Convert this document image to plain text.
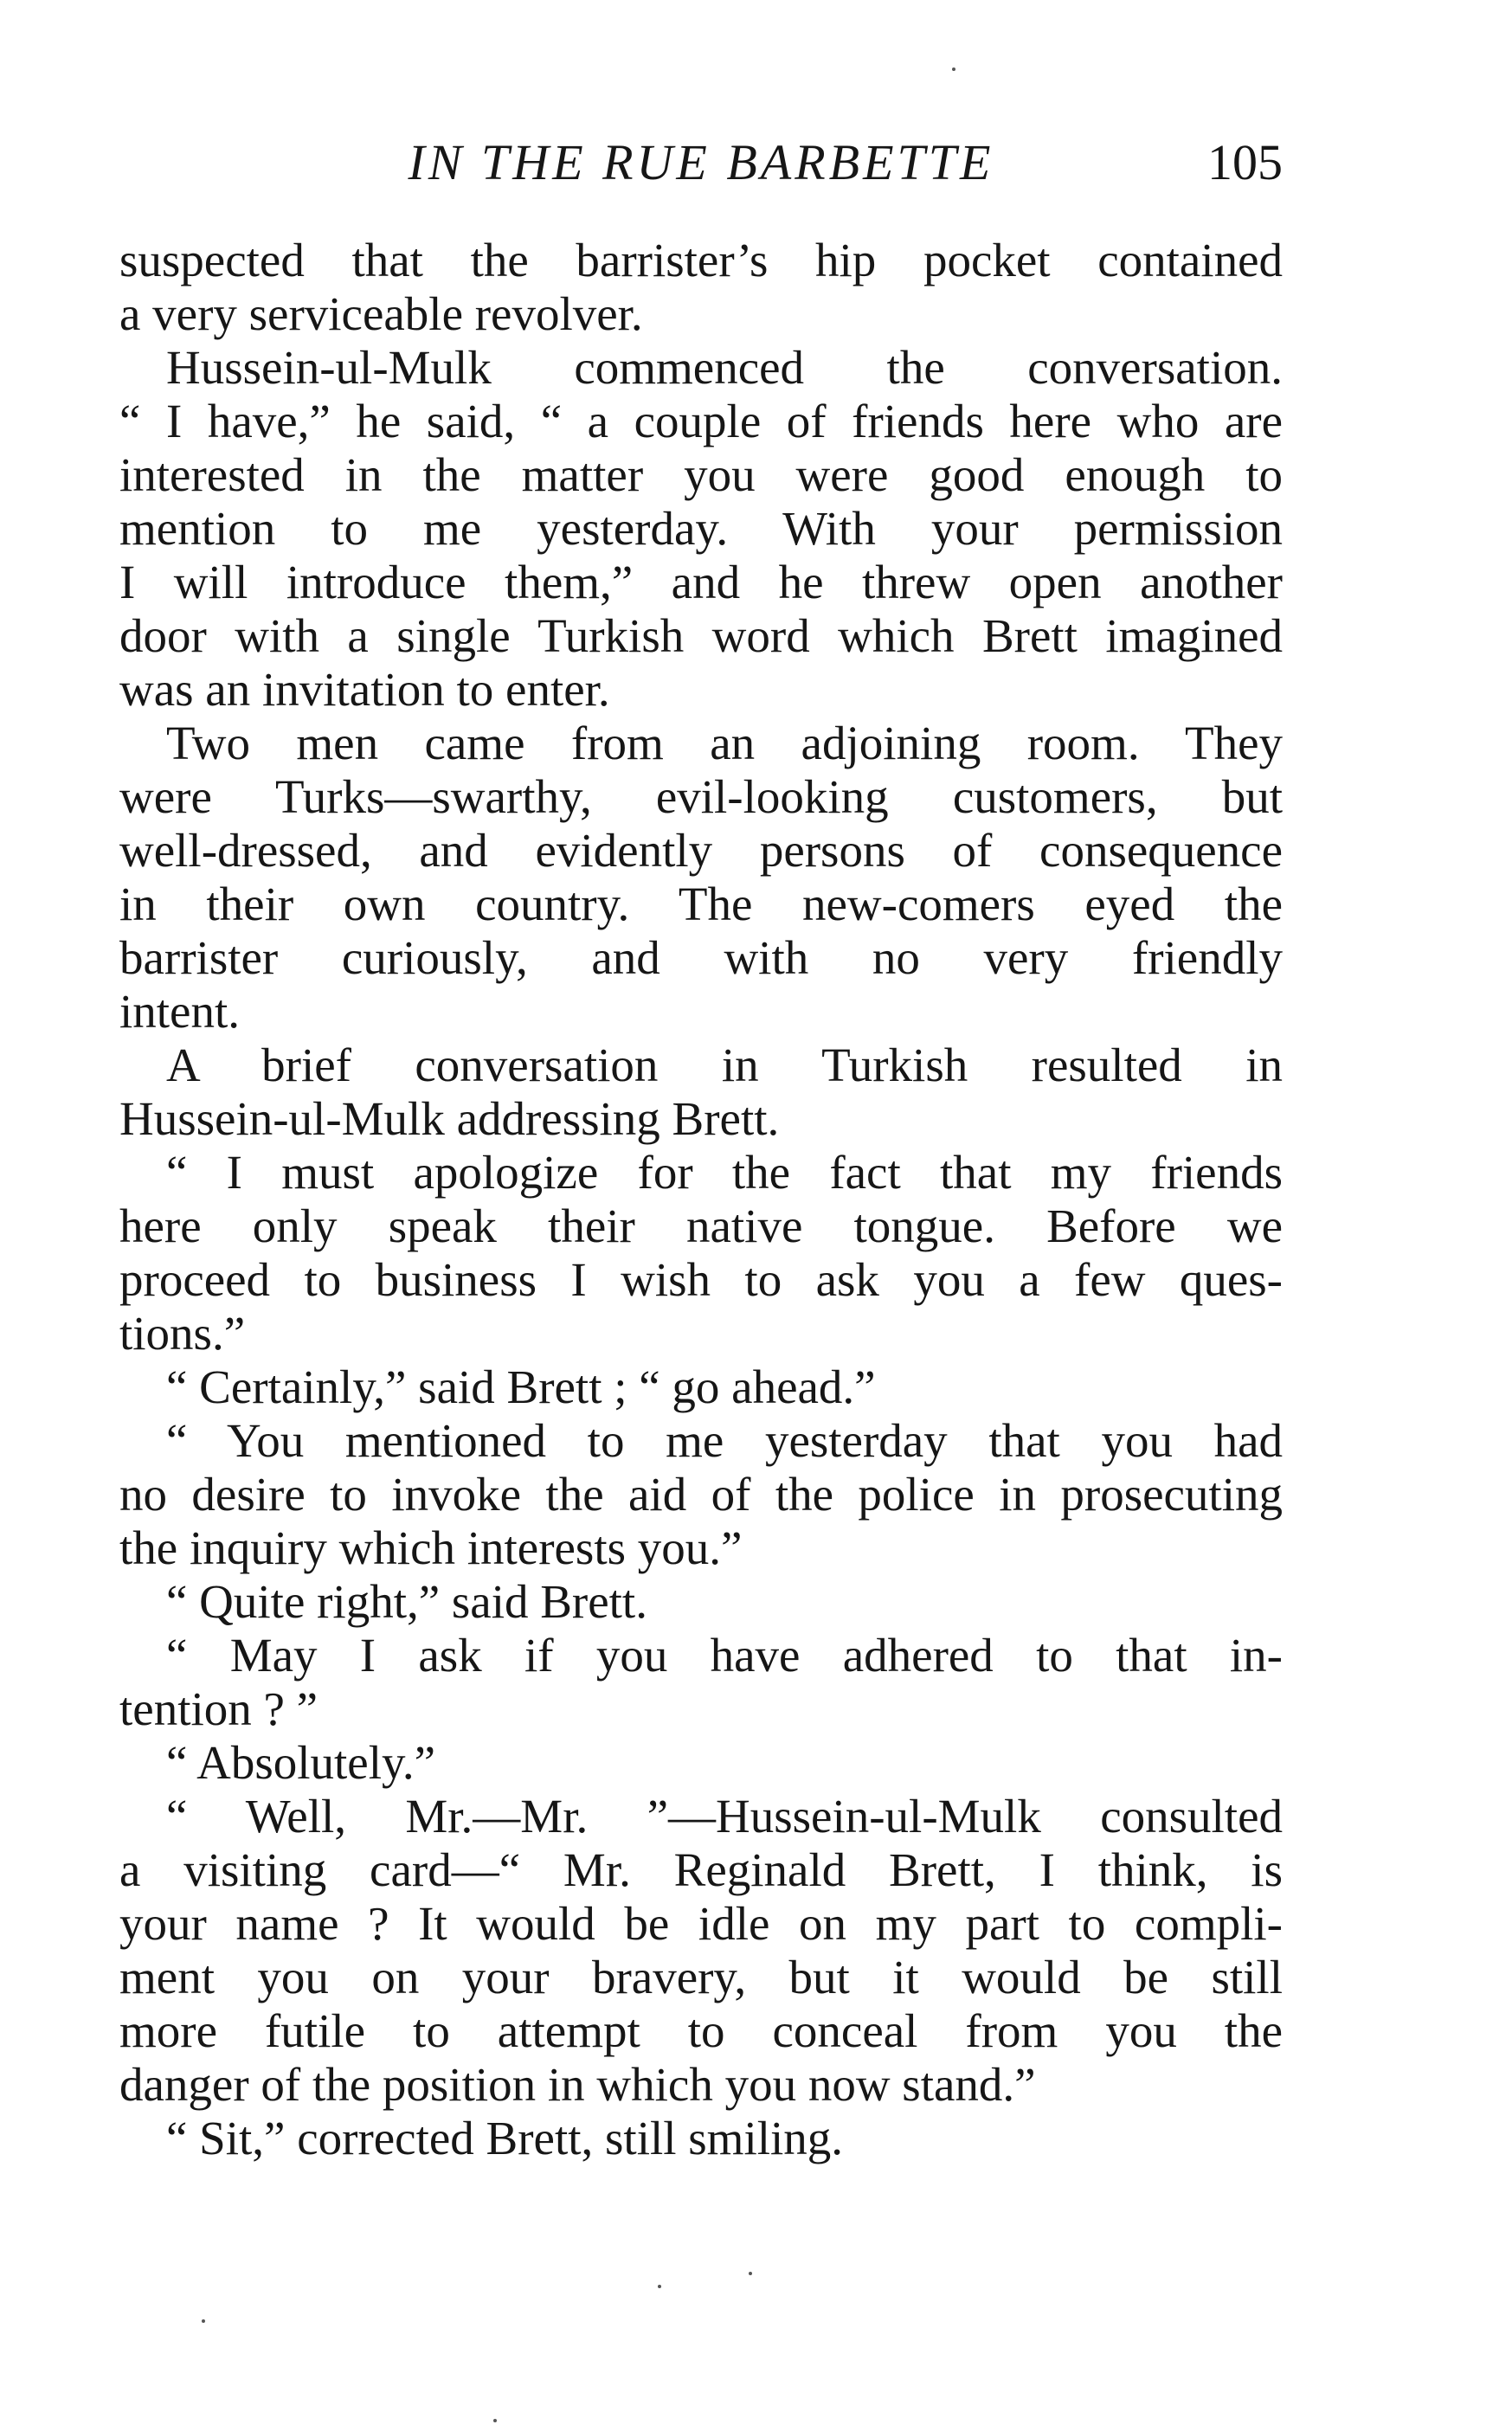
IN THE RUE BARBETTE	105
suspected that the barrister’s hip pocket contained
a very serviceable revolver.
Hussein-ul-Mulk commenced the conversation.
“ I have,” he said, “ a couple of friends here who are
interested in the matter you were good enough to
mention to me yesterday. With your permission
I will introduce them,” and he threw open another
door with a single Turkish word which Brett imagined
was an invitation to enter.
Two men came from an adjoining room. They
were Turks—swarthy, evil-looking customers, but
well-dressed, and evidently persons of consequence
in their own country. The new-comers eyed the
barrister curiously, and with no very friendly
intent.
A brief conversation in Turkish resulted in
Hussein-ul-Mulk addressing Brett.
“ I must apologize for the fact that my friends
here only speak their native tongue. Before we
proceed to business I wish to ask you a few ques-
tions.”
“ Certainly,” said Brett ; “ go ahead.”
“ You mentioned to me yesterday that you had
no desire to invoke the aid of the police in prosecuting
the inquiry which interests you.”
“ Quite right,” said Brett.
“ May I ask if you have adhered to that in-
tention ? ”
“ Absolutely.”
“ Well, Mr.—Mr. ”—Hussein-ul-Mulk consulted
a visiting card—“ Mr. Reginald Brett, I think, is
your name ? It would be idle on my part to compli-
ment you on your bravery, but it would be still
more futile to attempt to conceal from you the
danger of the position in which you now stand.”
“ Sit,” corrected Brett, still smiling.
